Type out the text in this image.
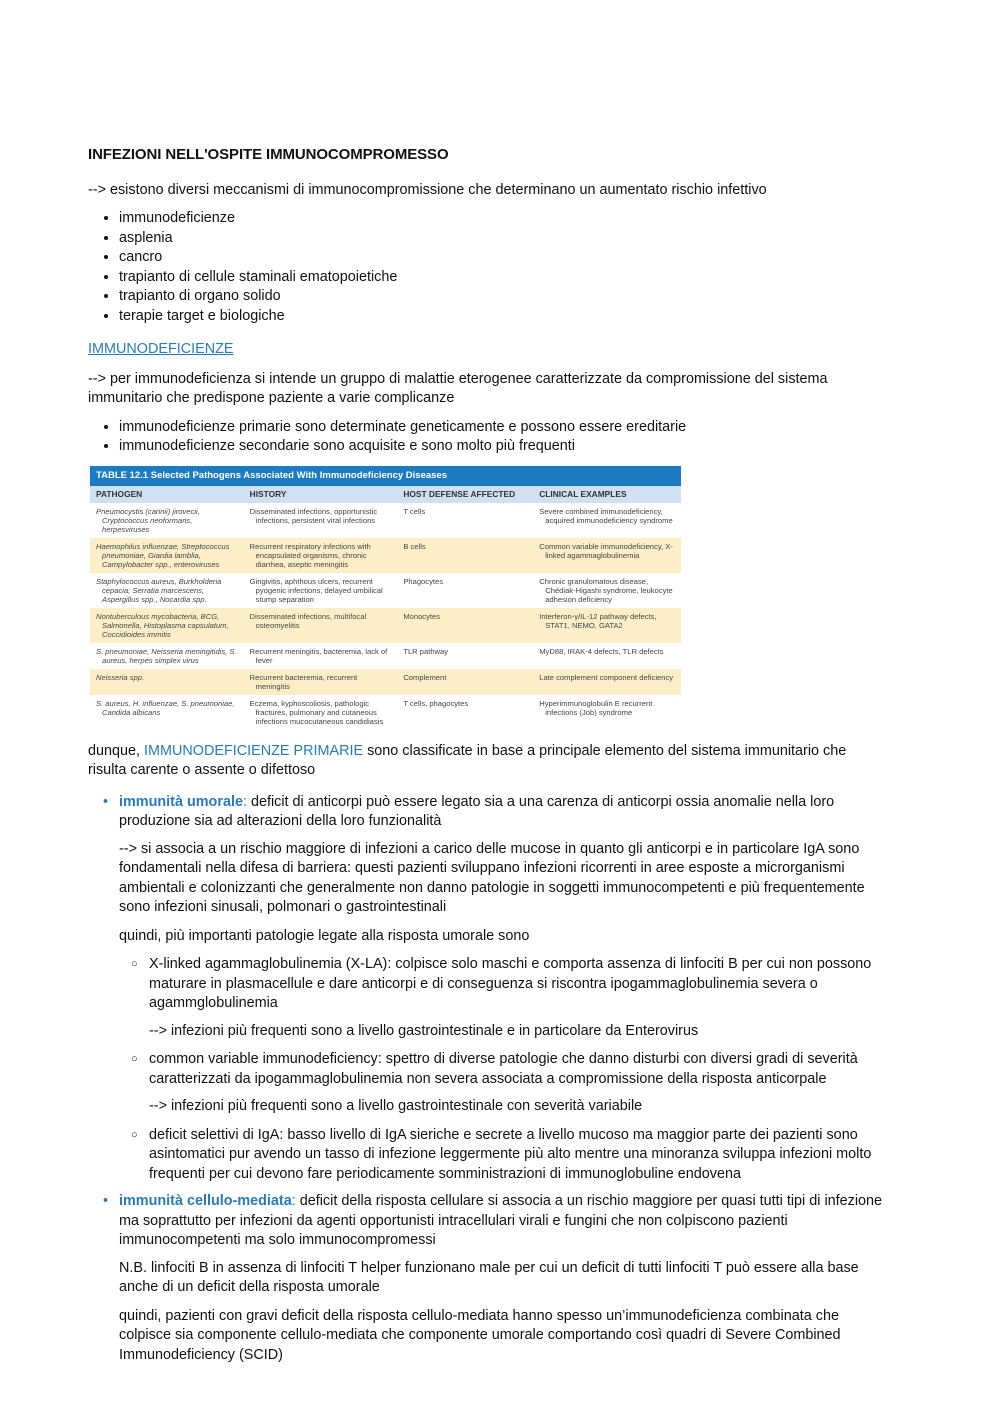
INFEZIONI NELL'OSPITE IMMUNOCOMPROMESSO

--> esistono diversi meccanismi di immunocompromissione che determinano un aumentato rischio infettivo

• immunodeficienze
• asplenia
• cancro
• trapianto di cellule staminali ematopoietiche
• trapianto di organo solido
• terapie target e biologiche

IMMUNODEFICIENZE

--> per immunodeficienza si intende un gruppo di malattie eterogenee caratterizzate da compromissione del sistema immunitario che predispone paziente a varie complicanze

• immunodeficienze primarie sono determinate geneticamente e possono essere ereditarie
• immunodeficienze secondarie sono acquisite e sono molto più frequenti
TABLE 12.1 Selected Pathogens Associated With Immunodeficiency Diseases
PATHOGEN	HISTORY	HOST DEFENSE AFFECTED	CLINICAL EXAMPLES

Pneumocystis (carinii) jirovecii, Cryptococcus neoformans, herpesviruses	Disseminated infections, opportunistic infections, persistent viral infections	T cells	Severe combined immunodeficiency, acquired immunodeficiency syndrome

Haemophilus influenzae, Streptococcus pneumoniae, Giardia lamblia, Campylobacter spp., enteroviruses	Recurrent respiratory infections with encapsulated organisms, chronic diarrhea, aseptic meningitis	B cells	Common variable immunodeficiency, X-linked agammaglobulinemia

Staphylococcus aureus, Burkholderia cepacia, Serratia marcescens, Aspergillus spp., Nocardia spp.	Gingivitis, aphthous ulcers, recurrent pyogenic infections, delayed umbilical stump separation	Phagocytes	Chronic granulomatous disease, Chédiak-Higashi syndrome, leukocyte adhesion deficiency

Nontuberculous mycobacteria, BCG, Salmonella, Histoplasma capsulatum, Coccidioides immitis	Disseminated infections, multifocal osteomyelitis	Monocytes	Interferon-γ/IL-12 pathway defects, STAT1, NEMO, GATA2

S. pneumoniae, Neisseria meningitidis, S. aureus, herpes simplex virus	Recurrent meningitis, bacteremia, lack of fever	TLR pathway	MyD88, IRAK-4 defects, TLR defects

Neisseria spp.	Recurrent bacteremia, recurrent meningitis	Complement	Late complement component deficiency

S. aureus, H. influenzae, S. pneumoniae, Candida albicans	Eczema, kyphoscoliosis, pathologic fractures, pulmonary and cutaneous infections mucocutaneous candidiasis	T cells, phagocytes	Hyperimmunoglobulin E recurrent infections (Job) syndrome

dunque, IMMUNODEFICIENZE PRIMARIE sono classificate in base a principale elemento del sistema immunitario che risulta carente o assente o difettoso

• immunità umorale: deficit di anticorpi può essere legato sia a una carenza di anticorpi ossia anomalie nella loro produzione sia ad alterazioni della loro funzionalità

--> si associa a un rischio maggiore di infezioni a carico delle mucose in quanto gli anticorpi e in particolare IgA sono fondamentali nella difesa di barriera: questi pazienti sviluppano infezioni ricorrenti in aree esposte a microrganismi ambientali e colonizzanti che generalmente non danno patologie in soggetti immunocompetenti e più frequentemente sono infezioni sinusali, polmonari o gastrointestinali

quindi, più importanti patologie legate alla risposta umorale sono

○ X-linked agammaglobulinemia (X-LA): colpisce solo maschi e comporta assenza di linfociti B per cui non possono maturare in plasmacellule e dare anticorpi e di conseguenza si riscontra ipogammaglobulinemia severa o agammglobulinemia

--> infezioni più frequenti sono a livello gastrointestinale e in particolare da Enterovirus

○ common variable immunodeficiency: spettro di diverse patologie che danno disturbi con diversi gradi di severità caratterizzati da ipogammaglobulinemia non severa associata a compromissione della risposta anticorpale

--> infezioni più frequenti sono a livello gastrointestinale con severità variabile

○ deficit selettivi di IgA: basso livello di IgA sieriche e secrete a livello mucoso ma maggior parte dei pazienti sono asintomatici pur avendo un tasso di infezione leggermente più alto mentre una minoranza sviluppa infezioni molto frequenti per cui devono fare periodicamente somministrazioni di immunoglobuline endovena
• immunità cellulo-mediata: deficit della risposta cellulare si associa a un rischio maggiore per quasi tutti tipi di infezione ma soprattutto per infezioni da agenti opportunisti intracellulari virali e fungini che non colpiscono pazienti immunocompetenti ma solo immunocompromessi

N.B. linfociti B in assenza di linfociti T helper funzionano male per cui un deficit di tutti linfociti T può essere alla base anche di un deficit della risposta umorale

quindi, pazienti con gravi deficit della risposta cellulo-mediata hanno spesso un’immunodeficienza combinata che colpisce sia componente cellulo-mediata che componente umorale comportando così quadri di Severe Combined Immunodeficiency (SCID)
